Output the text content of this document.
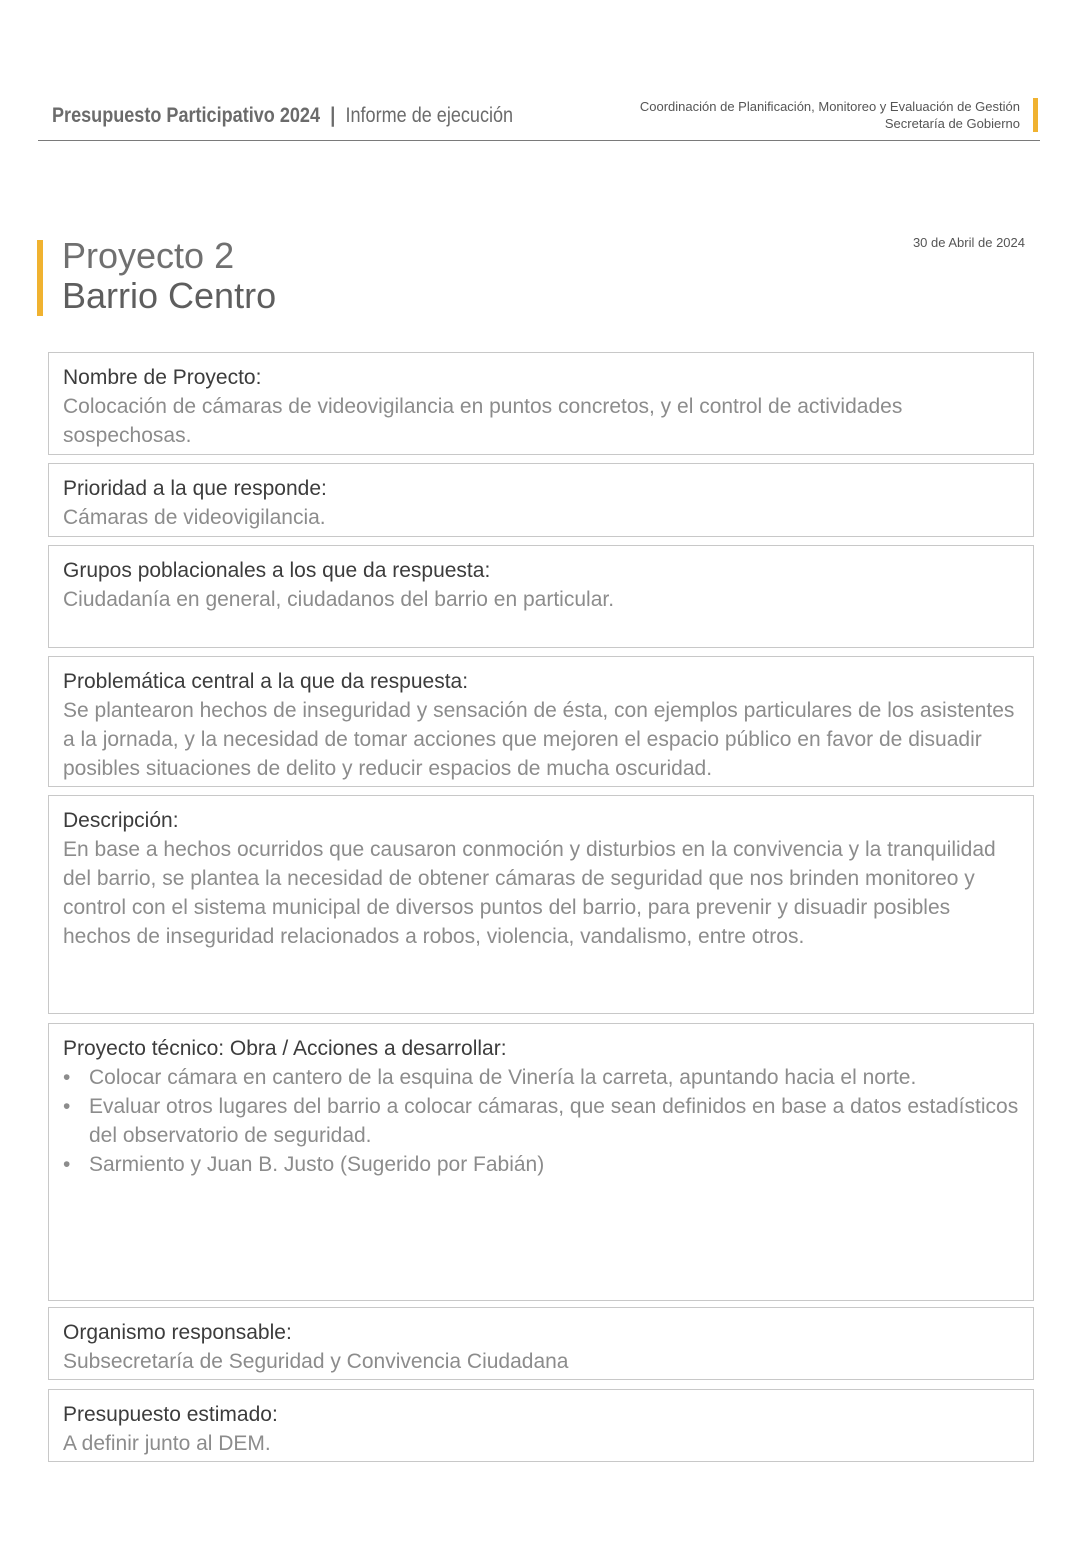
Presupuesto Participativo 2024 | Informe de ejecución	Coordinación de Planificación, Monitoreo y Evaluación de Gestión
Secretaría de Gobierno
Proyecto 2
Barrio Centro
30 de Abril de 2024
Nombre de Proyecto:
Colocación de cámaras de videovigilancia en puntos concretos, y el control de actividades sospechosas.
Prioridad a la que responde:
Cámaras de videovigilancia.
Grupos poblacionales a los que da respuesta:
Ciudadanía en general, ciudadanos del barrio en particular.
Problemática central a la que da respuesta:
Se plantearon hechos de inseguridad y sensación de ésta, con ejemplos particulares de los asistentes a la jornada, y la necesidad de tomar acciones que mejoren el espacio público en favor de disuadir posibles situaciones de delito y reducir espacios de mucha oscuridad.
Descripción:
En base a hechos ocurridos que causaron conmoción y disturbios en la convivencia y la tranquilidad del barrio, se plantea la necesidad de obtener cámaras de seguridad que nos brinden monitoreo y control con el sistema municipal de diversos puntos del barrio, para prevenir y disuadir posibles hechos de inseguridad relacionados a robos, violencia, vandalismo, entre otros.
Proyecto técnico: Obra / Acciones a desarrollar:
• Colocar cámara en cantero de la esquina de Vinería la carreta, apuntando hacia el norte.
• Evaluar otros lugares del barrio a colocar cámaras, que sean definidos en base a datos estadísticos del observatorio de seguridad.
• Sarmiento y Juan B. Justo (Sugerido por Fabián)
Organismo responsable:
Subsecretaría de Seguridad y Convivencia Ciudadana
Presupuesto estimado:
A definir junto al DEM.
